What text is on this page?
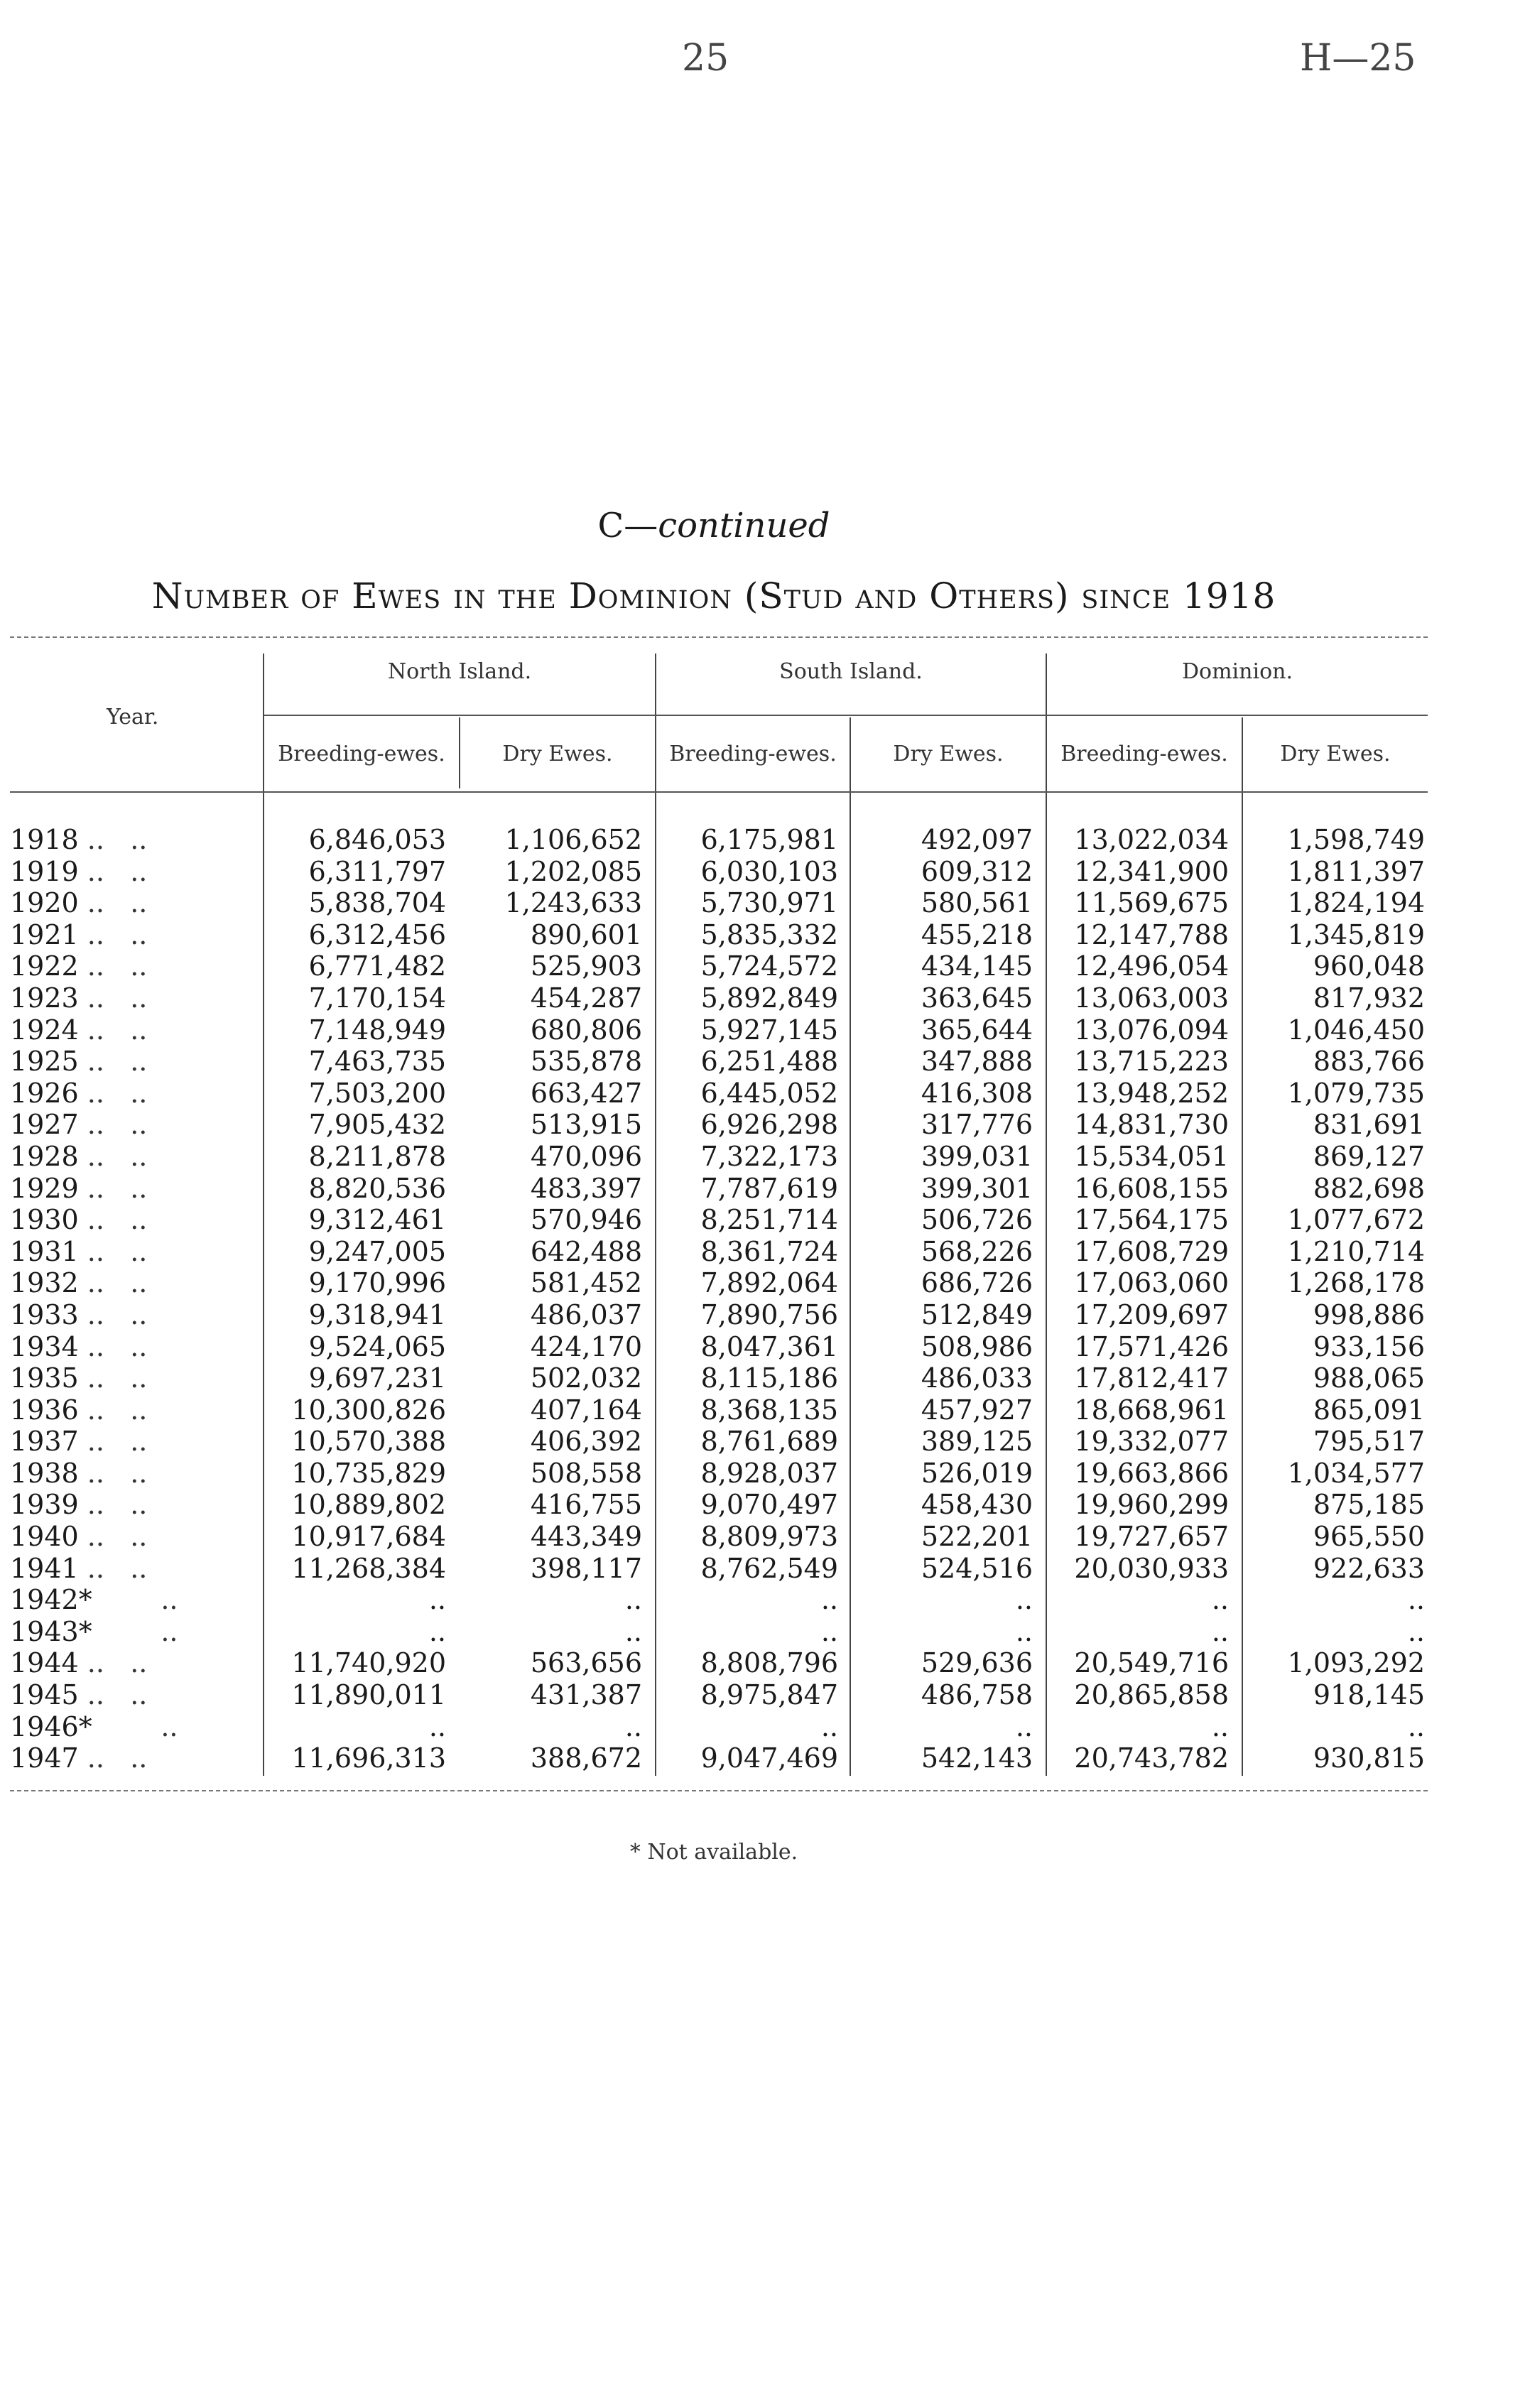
25	H—25
C—continued
Number of Ewes in the Dominion (Stud and Others) since 1918
Year.
North Island.	South Island.	Dominion.
Breeding-ewes.	Dry Ewes.	Breeding-ewes.	Dry Ewes.	Breeding-ewes.	Dry Ewes.
1918 ..   ..	6,846,053	1,106,652	6,175,981	492,097	13,022,034	1,598,749
1919 ..   ..	6,311,797	1,202,085	6,030,103	609,312	12,341,900	1,811,397
1920 ..   ..	5,838,704	1,243,633	5,730,971	580,561	11,569,675	1,824,194
1921 ..   ..	6,312,456	890,601	5,835,332	455,218	12,147,788	1,345,819
1922 ..   ..	6,771,482	525,903	5,724,572	434,145	12,496,054	960,048
1923 ..   ..	7,170,154	454,287	5,892,849	363,645	13,063,003	817,932
1924 ..   ..	7,148,949	680,806	5,927,145	365,644	13,076,094	1,046,450
1925 ..   ..	7,463,735	535,878	6,251,488	347,888	13,715,223	883,766
1926 ..   ..	7,503,200	663,427	6,445,052	416,308	13,948,252	1,079,735
1927 ..   ..	7,905,432	513,915	6,926,298	317,776	14,831,730	831,691
1928 ..   ..	8,211,878	470,096	7,322,173	399,031	15,534,051	869,127
1929 ..   ..	8,820,536	483,397	7,787,619	399,301	16,608,155	882,698
1930 ..   ..	9,312,461	570,946	8,251,714	506,726	17,564,175	1,077,672
1931 ..   ..	9,247,005	642,488	8,361,724	568,226	17,608,729	1,210,714
1932 ..   ..	9,170,996	581,452	7,892,064	686,726	17,063,060	1,268,178
1933 ..   ..	9,318,941	486,037	7,890,756	512,849	17,209,697	998,886
1934 ..   ..	9,524,065	424,170	8,047,361	508,986	17,571,426	933,156
1935 ..   ..	9,697,231	502,032	8,115,186	486,033	17,812,417	988,065
1936 ..   ..	10,300,826	407,164	8,368,135	457,927	18,668,961	865,091
1937 ..   ..	10,570,388	406,392	8,761,689	389,125	19,332,077	795,517
1938 ..   ..	10,735,829	508,558	8,928,037	526,019	19,663,866	1,034,577
1939 ..   ..	10,889,802	416,755	9,070,497	458,430	19,960,299	875,185
1940 ..   ..	10,917,684	443,349	8,809,973	522,201	19,727,657	965,550
1941 ..   ..	11,268,384	398,117	8,762,549	524,516	20,030,933	922,633
1942*        ..	..	..	..	..	..	..
1943*        ..	..	..	..	..	..	..
1944 ..   ..	11,740,920	563,656	8,808,796	529,636	20,549,716	1,093,292
1945 ..   ..	11,890,011	431,387	8,975,847	486,758	20,865,858	918,145
1946*        ..	..	..	..	..	..	..
1947 ..   ..	11,696,313	388,672	9,047,469	542,143	20,743,782	930,815
* Not available.
